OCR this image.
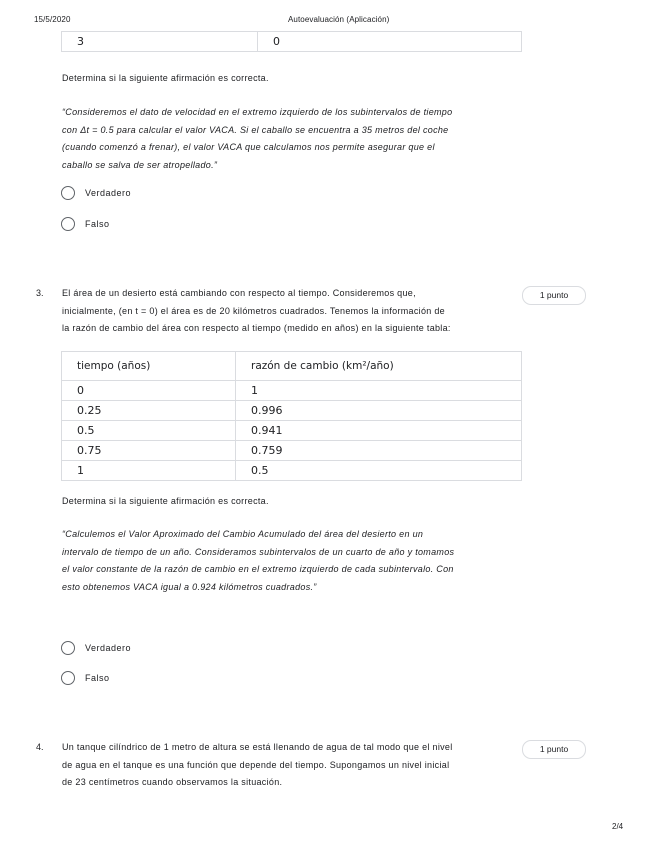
15/5/2020	Autoevaluación (Aplicación)
3	0
Determina si la siguiente afirmación es correcta.
“Consideremos el dato de velocidad en el extremo izquierdo de los subintervalos de tiempo
con Δt = 0.5 para calcular el valor VACA. Si el caballo se encuentra a 35 metros del coche
(cuando comenzó a frenar), el valor VACA que calculamos nos permite asegurar que el
caballo se salva de ser atropellado.”
Verdadero
Falso
3.	1 punto
El área de un desierto está cambiando con respecto al tiempo. Consideremos que,
inicialmente, (en t = 0) el área es de 20 kilómetros cuadrados. Tenemos la información de
la razón de cambio del área con respecto al tiempo (medido en años) en la siguiente tabla:
tiempo (años)	razón de cambio (km²/año)
0	1
0.25	0.996
0.5	0.941
0.75	0.759
1	0.5
Determina si la siguiente afirmación es correcta.
“Calculemos el Valor Aproximado del Cambio Acumulado del área del desierto en un
intervalo de tiempo de un año. Consideramos subintervalos de un cuarto de año y tomamos
el valor constante de la razón de cambio en el extremo izquierdo de cada subintervalo. Con
esto obtenemos VACA igual a 0.924 kilómetros cuadrados.”
Verdadero
Falso
4.	1 punto
Un tanque cilíndrico de 1 metro de altura se está llenando de agua de tal modo que el nivel
de agua en el tanque es una función que depende del tiempo. Supongamos un nivel inicial
de 23 centímetros cuando observamos la situación.
2/4
